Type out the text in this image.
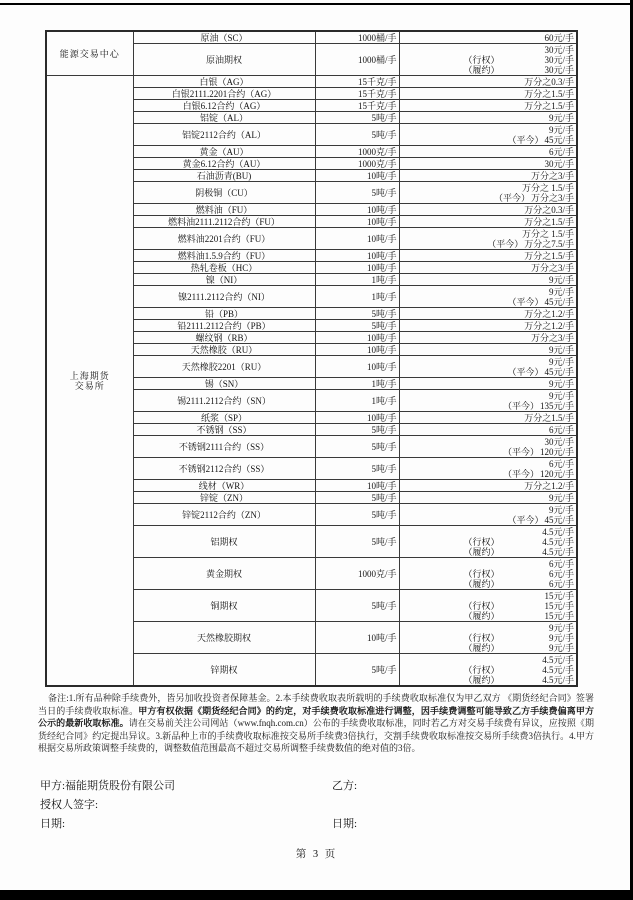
能源交易中心	原油（SC）	1000桶/手	60元/手

	原油期权	1000桶/手	30元/手
（行权） 30元/手
（履约） 30元/手

上海期货
交易所	白银（AG）	15千克/手	万分之0.3/手

	白银2111.2201合约（AG）	15千克/手	万分之1.5/手

	白银6.12合约（AG）	15千克/手	万分之1.5/手

	铝锭（AL）	5吨/手	9元/手

	铝锭2112合约（AL）	5吨/手	9元/手
（平今） 45元/手

	黄金（AU）	1000克/手	6元/手

	黄金6.12合约（AU）	1000克/手	30元/手

	石油沥青(BU)	10吨/手	万分之3/手

	阴极铜（CU）	5吨/手	万分之 1.5/手
（平今） 万分之3/手

	燃料油（FU）	10吨/手	万分之0.3/手

	燃料油2111.2112合约（FU）	10吨/手	万分之1.5/手

	燃料油2201合约（FU）	10吨/手	万分之 1.5/手
（平今） 万分之7.5/手

	燃料油1.5.9合约（FU）	10吨/手	万分之1.5/手

	热轧卷板（HC）	10吨/手	万分之3/手

	镍（NI）	1吨/手	9元/手

	镍2111.2112合约（NI）	1吨/手	9元/手
（平今） 45元/手

	铅（PB）	5吨/手	万分之1.2/手

	铅2111.2112合约（PB）	5吨/手	万分之1.2/手

	螺纹钢（RB）	10吨/手	万分之3/手

	天然橡胶（RU）	10吨/手	9元/手

	天然橡胶2201（RU）	10吨/手	9元/手
（平今） 45元/手

	锡（SN）	1吨/手	9元/手

	锡2111.2112合约（SN）	1吨/手	9元/手
（平今） 135元/手

	纸浆（SP）	10吨/手	万分之1.5/手

	不锈钢（SS）	5吨/手	6元/手

	不锈钢2111合约（SS）	5吨/手	30元/手
（平今） 120元/手

	不锈钢2112合约（SS）	5吨/手	6元/手
（平今） 120元/手

	线材（WR）	10吨/手	万分之1.2/手

	锌锭（ZN）	5吨/手	9元/手

	锌锭2112合约（ZN）	5吨/手	9元/手
（平今） 45元/手

	铝期权	5吨/手	4.5元/手
（行权） 4.5元/手
（履约） 4.5元/手

	黄金期权	1000克/手	6元/手
（行权） 6元/手
（履约） 6元/手

	铜期权	5吨/手	15元/手
（行权） 15元/手
（履约） 15元/手

	天然橡胶期权	10吨/手	9元/手
（行权） 9元/手
（履约） 9元/手

	锌期权	5吨/手	4.5元/手
（行权） 4.5元/手
（履约） 4.5元/手

备注:1.所有品种除手续费外，皆另加收投资者保障基金。2.本手续费收取表所载明的手续费收取标准仅为甲乙双方 《期货经纪合同》签署当日的手续费收取标准。甲方有权依据《期货经纪合同》的约定，对手续费收取标准进行调整，因手续费调整可能导致乙方手续费偏离甲方公示的最新收取标准。请在交易前关注公司网站（www.fnqh.com.cn）公布的手续费收取标准，同时若乙方对交易手续费有异议，应按照《期货经纪合同》约定提出异议。3.新品种上市的手续费收取标准按交易所手续费3倍执行，交割手续费收取标准按交易所手续费3倍执行。4.甲方根据交易所政策调整手续费的，调整数值范围最高不超过交易所调整手续费数值的绝对值的3倍。

甲方:福能期货股份有限公司	乙方:
授权人签字:
日期:	日期:
第 3 页
